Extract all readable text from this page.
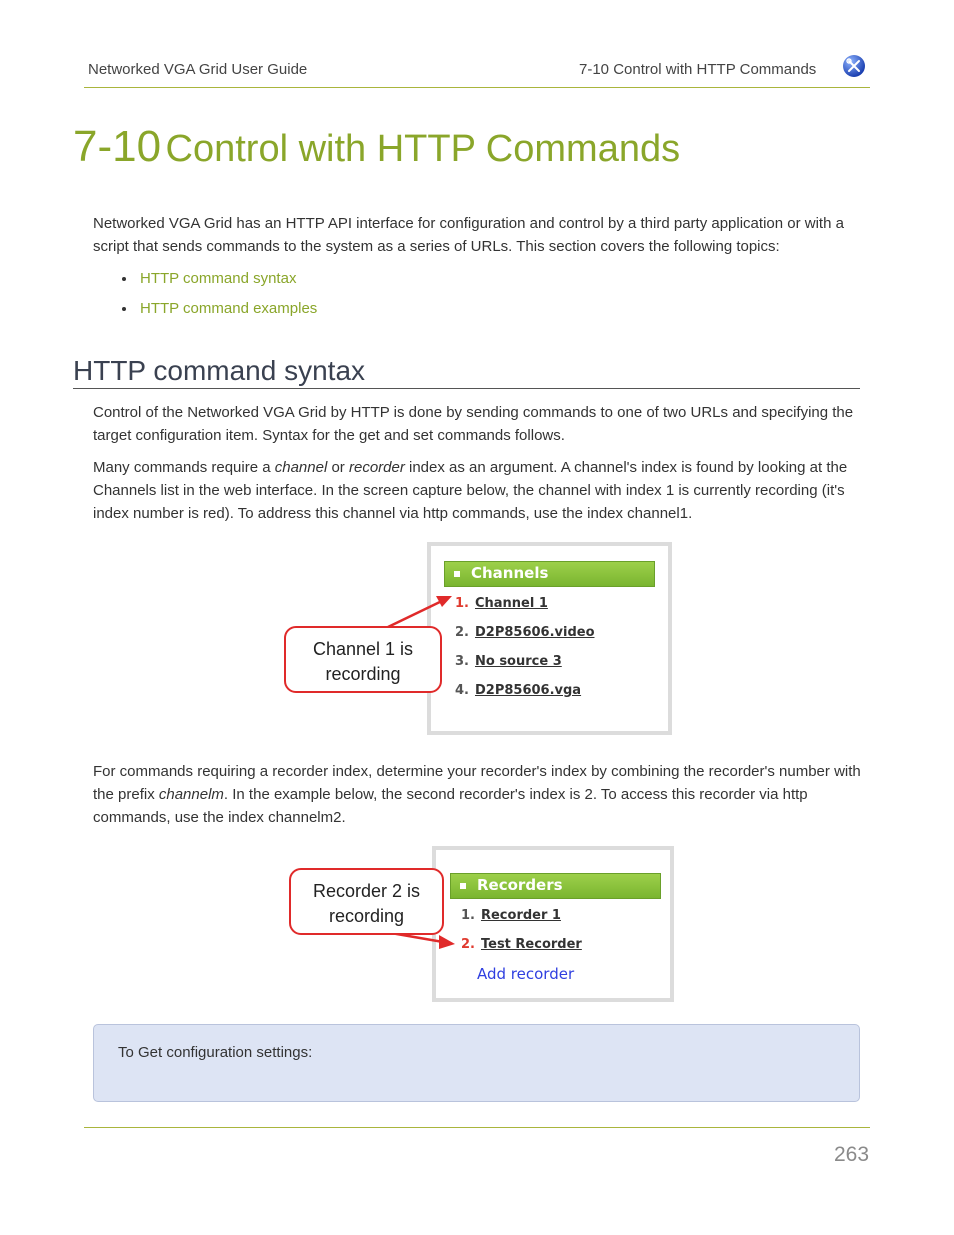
Networked VGA Grid User Guide	7-10 Control with HTTP Commands
7-10 Control with HTTP Commands
Networked VGA Grid has an HTTP API interface for configuration and control by a third party application or with a script that sends commands to the system as a series of URLs. This section covers the following topics:
HTTP command syntax
HTTP command examples
HTTP command syntax
Control of the Networked VGA Grid by HTTP is done by sending commands to one of two URLs and specifying the target configuration item. Syntax for the get and set commands follows.
Many commands require a channel or recorder index as an argument. A channel's index is found by looking at the Channels list in the web interface. In the screen capture below, the channel with index 1 is currently recording (it's index number is red). To address this channel via http commands, use the index channel1.
Channels
1. Channel 1
2. D2P85606.video
3. No source 3
4. D2P85606.vga
Channel 1 is
recording
For commands requiring a recorder index, determine your recorder's index by combining the recorder's number with the prefix channelm. In the example below, the second recorder's index is 2. To access this recorder via http commands, use the index channelm2.
Recorders
1. Recorder 1
2. Test Recorder
Add recorder
Recorder 2 is
recording
To Get configuration settings:
263
